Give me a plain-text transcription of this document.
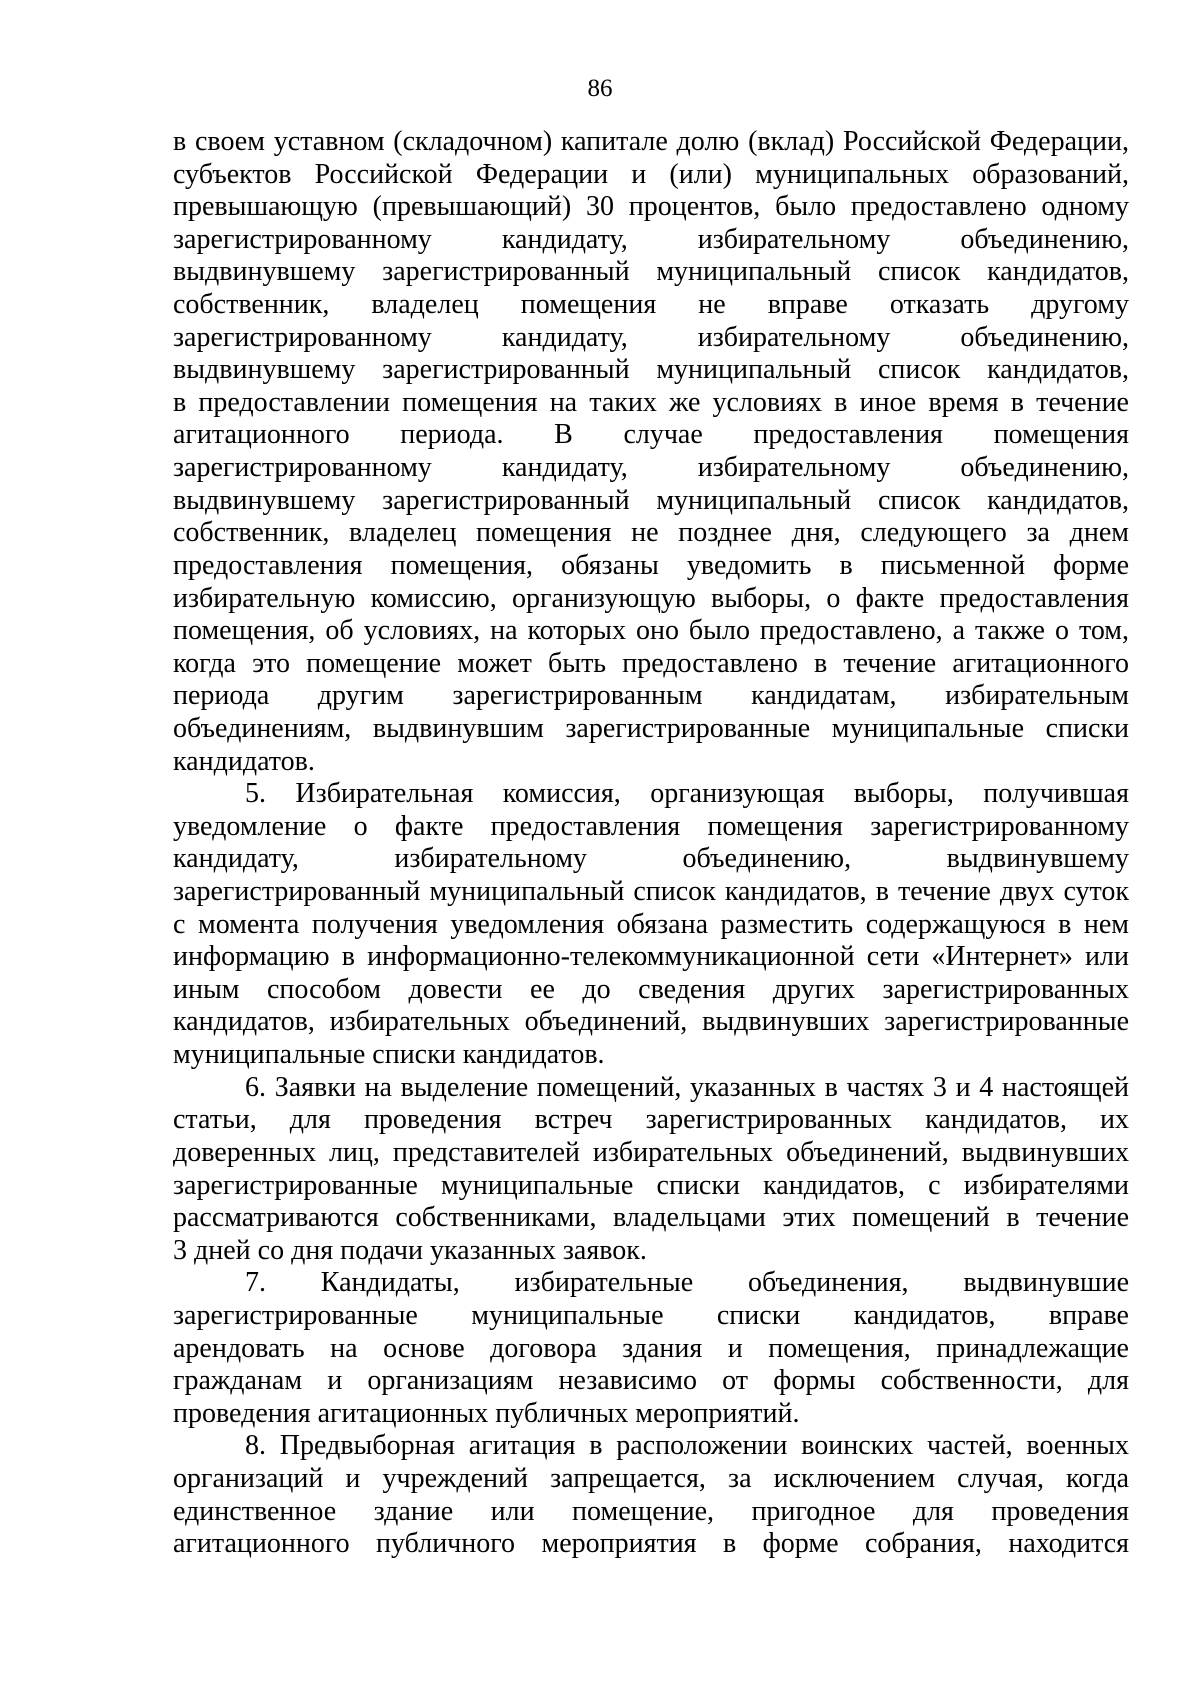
86
в своем уставном (складочном) капитале долю (вклад) Российской Федерации,
субъектов Российской Федерации и (или) муниципальных образований,
превышающую (превышающий) 30 процентов, было предоставлено одному
зарегистрированному кандидату, избирательному объединению,
выдвинувшему зарегистрированный муниципальный список кандидатов,
собственник, владелец помещения не вправе отказать другому
зарегистрированному кандидату, избирательному объединению,
выдвинувшему зарегистрированный муниципальный список кандидатов,
в предоставлении помещения на таких же условиях в иное время в течение
агитационного периода. В случае предоставления помещения
зарегистрированному кандидату, избирательному объединению,
выдвинувшему зарегистрированный муниципальный список кандидатов,
собственник, владелец помещения не позднее дня, следующего за днем
предоставления помещения, обязаны уведомить в письменной форме
избирательную комиссию, организующую выборы, о факте предоставления
помещения, об условиях, на которых оно было предоставлено, а также о том,
когда это помещение может быть предоставлено в течение агитационного
периода другим зарегистрированным кандидатам, избирательным
объединениям, выдвинувшим зарегистрированные муниципальные списки
кандидатов.
5. Избирательная комиссия, организующая выборы, получившая
уведомление о факте предоставления помещения зарегистрированному
кандидату, избирательному объединению, выдвинувшему
зарегистрированный муниципальный список кандидатов, в течение двух суток
с момента получения уведомления обязана разместить содержащуюся в нем
информацию в информационно-телекоммуникационной сети «Интернет» или
иным способом довести ее до сведения других зарегистрированных
кандидатов, избирательных объединений, выдвинувших зарегистрированные
муниципальные списки кандидатов.
6. Заявки на выделение помещений, указанных в частях 3 и 4 настоящей
статьи, для проведения встреч зарегистрированных кандидатов, их
доверенных лиц, представителей избирательных объединений, выдвинувших
зарегистрированные муниципальные списки кандидатов, с избирателями
рассматриваются собственниками, владельцами этих помещений в течение
3 дней со дня подачи указанных заявок.
7. Кандидаты, избирательные объединения, выдвинувшие
зарегистрированные муниципальные списки кандидатов, вправе
арендовать на основе договора здания и помещения, принадлежащие
гражданам и организациям независимо от формы собственности, для
проведения агитационных публичных мероприятий.
8. Предвыборная агитация в расположении воинских частей, военных
организаций и учреждений запрещается, за исключением случая, когда
единственное здание или помещение, пригодное для проведения
агитационного публичного мероприятия в форме собрания, находится
